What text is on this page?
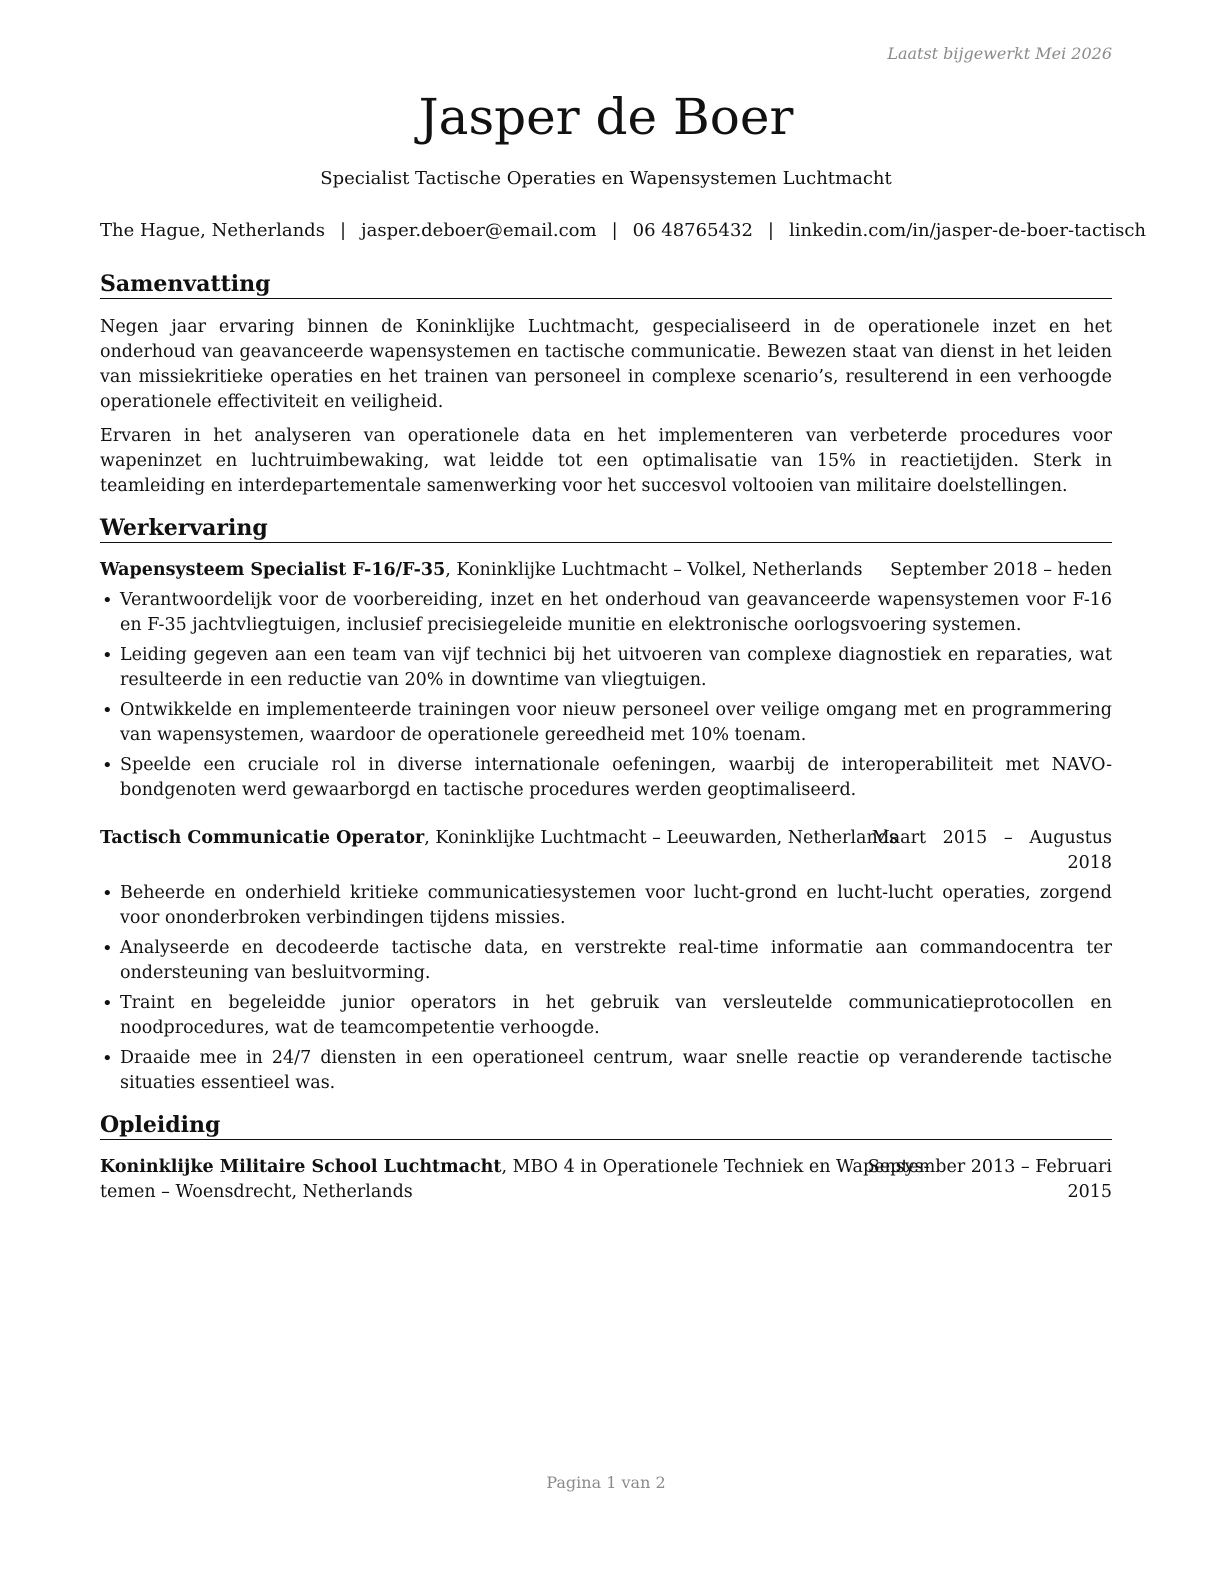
Laatst bijgewerkt Mei 2026
Jasper de Boer
Specialist Tactische Operaties en Wapensystemen Luchtmacht
The Hague, Netherlands | jasper.deboer@email.com | 06 48765432 | linkedin.com/in/jasper-de-boer-tactisch
Samenvatting
Negen jaar ervaring binnen de Koninklijke Luchtmacht, gespecialiseerd in de operationele inzet en het onderhoud van geavanceerde wapensystemen en tactische communicatie. Bewezen staat van dienst in het leiden van missiekritieke operaties en het trainen van personeel in complexe scenario’s, resulterend in een verhoogde operationele effectiviteit en veiligheid.
Ervaren in het analyseren van operationele data en het implementeren van verbeterde procedures voor wapeninzet en luchtruimbewaking, wat leidde tot een optimalisatie van 15% in reactietijden. Sterk in teamleiding en interdepartementale samenwerking voor het succesvol voltooien van militaire doelstellingen.
Werkervaring
Wapensysteem Specialist F-16/F-35, Koninklijke Luchtmacht – Volkel, Netherlands September 2018 – heden
• Verantwoordelijk voor de voorbereiding, inzet en het onderhoud van geavanceerde wapensystemen voor F-16 en F-35 jachtvliegtuigen, inclusief precisiegeleide munitie en elektronische oorlogsvoering systemen.
• Leiding gegeven aan een team van vijf technici bij het uitvoeren van complexe diagnostiek en reparaties, wat resulteerde in een reductie van 20% in downtime van vliegtuigen.
• Ontwikkelde en implementeerde trainingen voor nieuw personeel over veilige omgang met en programmering van wapensystemen, waardoor de operationele gereedheid met 10% toenam.
• Speelde een cruciale rol in diverse internationale oefeningen, waarbij de interoperabiliteit met NAVO-bondgenoten werd gewaarborgd en tactische procedures werden geoptimaliseerd.
Tactisch Communicatie Operator, Koninklijke Luchtmacht – Leeuwarden, Netherlands
Maart   2015   –   Augustus
2018
• Beheerde en onderhield kritieke communicatiesystemen voor lucht-grond en lucht-lucht operaties, zorgend voor ononderbroken verbindingen tijdens missies.
• Analyseerde en decodeerde tactische data, en verstrekte real-time informatie aan commandocentra ter ondersteuning van besluitvorming.
• Traint en begeleidde junior operators in het gebruik van versleutelde communicatieprotocollen en noodprocedures, wat de teamcompetentie verhoogde.
• Draaide mee in 24/7 diensten in een operationeel centrum, waar snelle reactie op veranderende tactische situaties essentieel was.
Opleiding
Koninklijke Militaire School Luchtmacht, MBO 4 in Operationele Techniek en Wapensys-
temen – Woensdrecht, Netherlands
September 2013 – Februari
2015
Pagina 1 van 2
